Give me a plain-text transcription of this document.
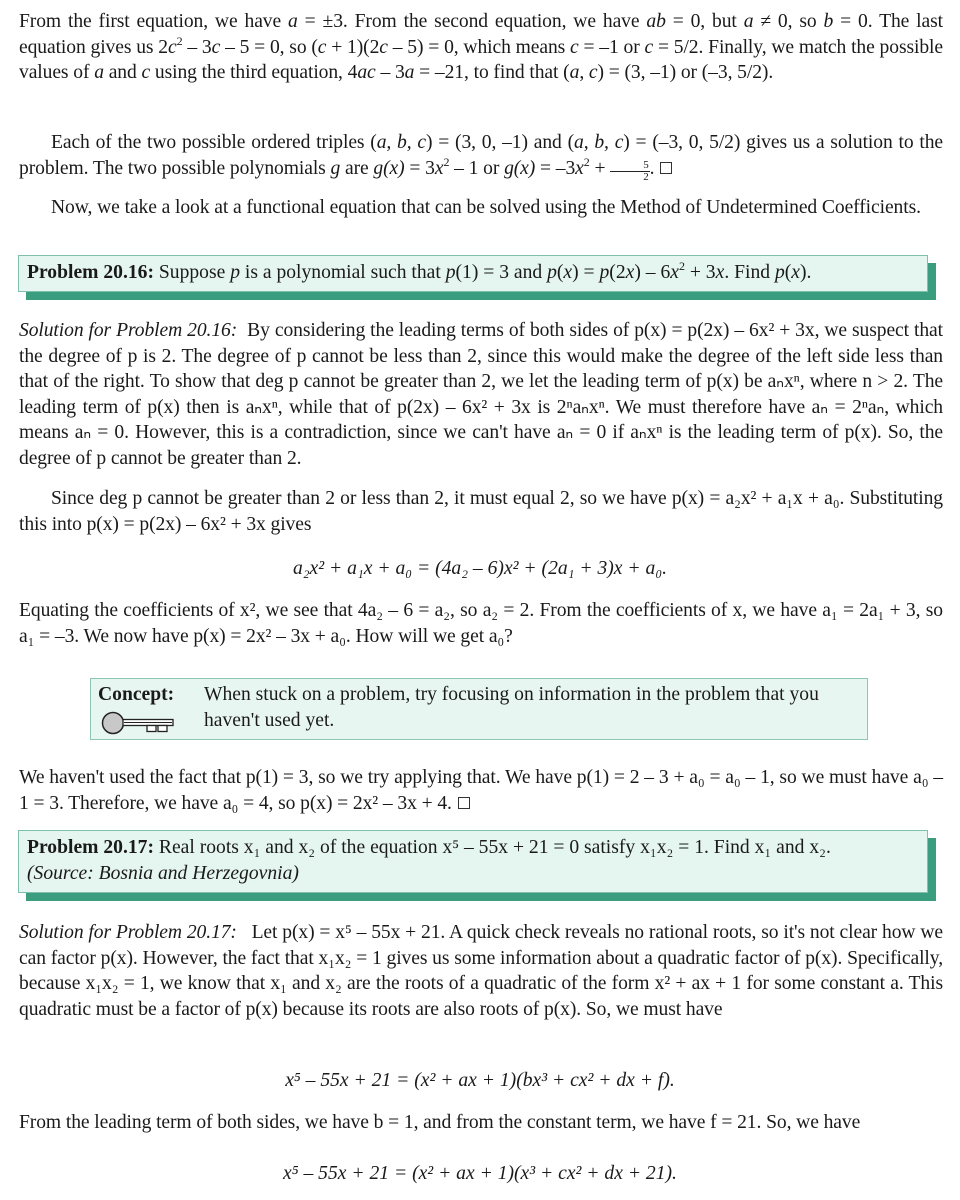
From the first equation, we have a = ±3. From the second equation, we have ab = 0, but a ≠ 0, so b = 0. The last equation gives us $2c^2 - 3c - 5 = 0$, so (c + 1)(2c – 5) = 0, which means c = –1 or c = 5/2. Finally, we match the possible values of a and c using the third equation, 4ac – 3a = –21, to find that (a, c) = (3, –1) or (–3, 5/2).
Each of the two possible ordered triples (a, b, c) = (3, 0, –1) and (a, b, c) = (–3, 0, 5/2) gives us a solution to the problem. The two possible polynomials g are $g(x) = 3x^2 - 1$ or $g(x) = -3x^2 + \frac{5}{2}$ .
Now, we take a look at a functional equation that can be solved using the Method of Undetermined Coefficients.
Problem 20.16: Suppose p is a polynomial such that p(1) = 3 and $p(x) = p(2x) - 6x^2 + 3x$. Find p(x).
Solution for Problem 20.16: By considering the leading terms of both sides of p(x) = p(2x) – 6x² + 3x, we suspect that the degree of p is 2. The degree of p cannot be less than 2, since this would make the degree of the left side less than that of the right. To show that deg p cannot be greater than 2, we let the leading term of p(x) be aₙxⁿ, where n > 2. The leading term of p(x) then is aₙxⁿ, while that of p(2x) – 6x² + 3x is 2ⁿaₙxⁿ. We must therefore have aₙ = 2ⁿaₙ, which means aₙ = 0. However, this is a contradiction, since we can't have aₙ = 0 if aₙxⁿ is the leading term of p(x). So, the degree of p cannot be greater than 2.
Since deg p cannot be greater than 2 or less than 2, it must equal 2, so we have p(x) = a₂x² + a₁x + a₀. Substituting this into p(x) = p(2x) – 6x² + 3x gives
a₂x² + a₁x + a₀ = (4a₂ – 6)x² + (2a₁ + 3)x + a₀.
Equating the coefficients of x², we see that 4a₂ – 6 = a₂, so a₂ = 2. From the coefficients of x, we have a₁ = 2a₁ + 3, so a₁ = –3. We now have p(x) = 2x² – 3x + a₀. How will we get a₀?
Concept: When stuck on a problem, try focusing on information in the problem that you haven't used yet.
We haven't used the fact that p(1) = 3, so we try applying that. We have p(1) = 2 – 3 + a₀ = a₀ – 1, so we must have a₀ – 1 = 3. Therefore, we have a₀ = 4, so p(x) = 2x² – 3x + 4.
Problem 20.17: Real roots x₁ and x₂ of the equation x⁵ – 55x + 21 = 0 satisfy x₁x₂ = 1. Find x₁ and x₂.
(Source: Bosnia and Herzegovnia)
Solution for Problem 20.17: Let p(x) = x⁵ – 55x + 21. A quick check reveals no rational roots, so it's not clear how we can factor p(x). However, the fact that x₁x₂ = 1 gives us some information about a quadratic factor of p(x). Specifically, because x₁x₂ = 1, we know that x₁ and x₂ are the roots of a quadratic of the form x² + ax + 1 for some constant a. This quadratic must be a factor of p(x) because its roots are also roots of p(x). So, we must have
x⁵ – 55x + 21 = (x² + ax + 1)(bx³ + cx² + dx + f).
From the leading term of both sides, we have b = 1, and from the constant term, we have f = 21. So, we have
x⁵ – 55x + 21 = (x² + ax + 1)(x³ + cx² + dx + 21).
